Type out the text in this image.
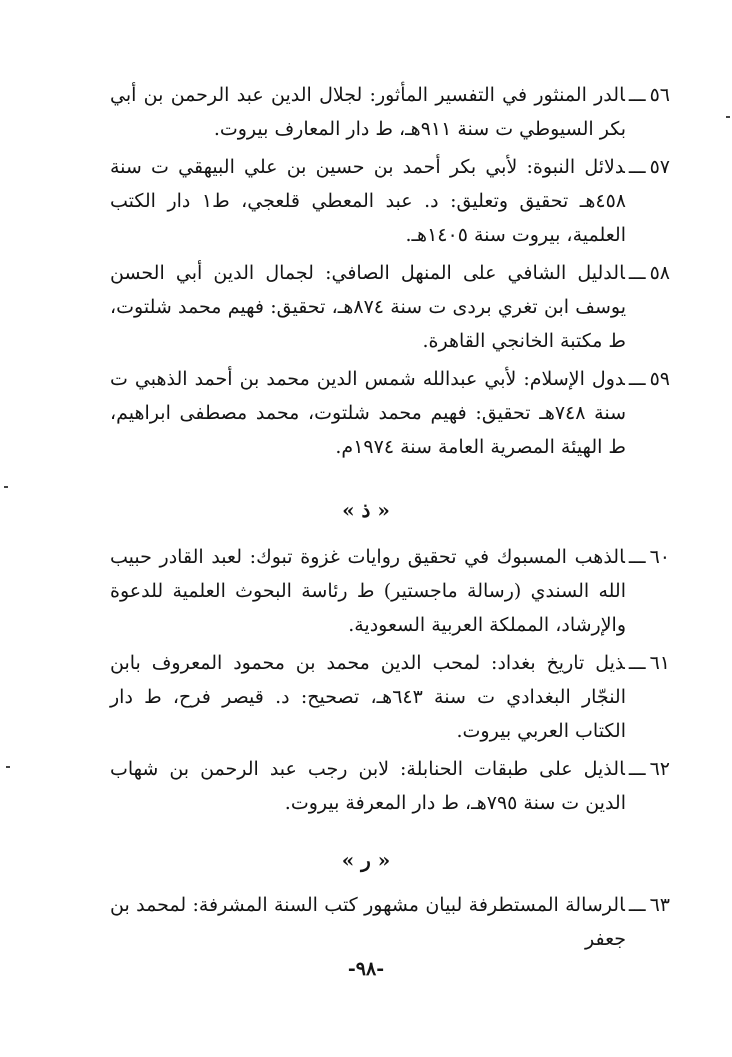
٥٦ـــالدر المنثور في التفسير المأثور: لجلال الدين عبد الرحمن بن أبي بكر السيوطي ت سنة ٩١١هـ، ط دار المعارف بيروت.

٥٧ـــدلائل النبوة: لأبي بكر أحمد بن حسين بن علي البيهقي ت سنة ٤٥٨هـ تحقيق وتعليق: د. عبد المعطي قلعجي، ط١ دار الكتب العلمية، بيروت سنة ١٤٠٥هـ.

٥٨ـــالدليل الشافي على المنهل الصافي: لجمال الدين أبي الحسن يوسف ابن تغري بردى ت سنة ٨٧٤هـ، تحقيق: فهيم محمد شلتوت، ط مكتبة الخانجي القاهرة.

٥٩ـــدول الإسلام: لأبي عبدالله شمس الدين محمد بن أحمد الذهبي ت سنة ٧٤٨هـ تحقيق: فهيم محمد شلتوت، محمد مصطفى ابراهيم، ط الهيئة المصرية العامة سنة ١٩٧٤م.

« ذ »

٦٠ـــالذهب المسبوك في تحقيق روايات غزوة تبوك: لعبد القادر حبيب الله السندي (رسالة ماجستير) ط رئاسة البحوث العلمية للدعوة والإرشاد، المملكة العربية السعودية.

٦١ـــذيل تاريخ بغداد: لمحب الدين محمد بن محمود المعروف بابن النجّار البغدادي ت سنة ٦٤٣هـ، تصحيح: د. قيصر فرح، ط دار الكتاب العربي بيروت.

٦٢ـــالذيل على طبقات الحنابلة: لابن رجب عبد الرحمن بن شهاب الدين ت سنة ٧٩٥هـ، ط دار المعرفة بيروت.

« ر »

٦٣ـــالرسالة المستطرفة لبيان مشهور كتب السنة المشرفة: لمحمد بن جعفر

-٩٨-
